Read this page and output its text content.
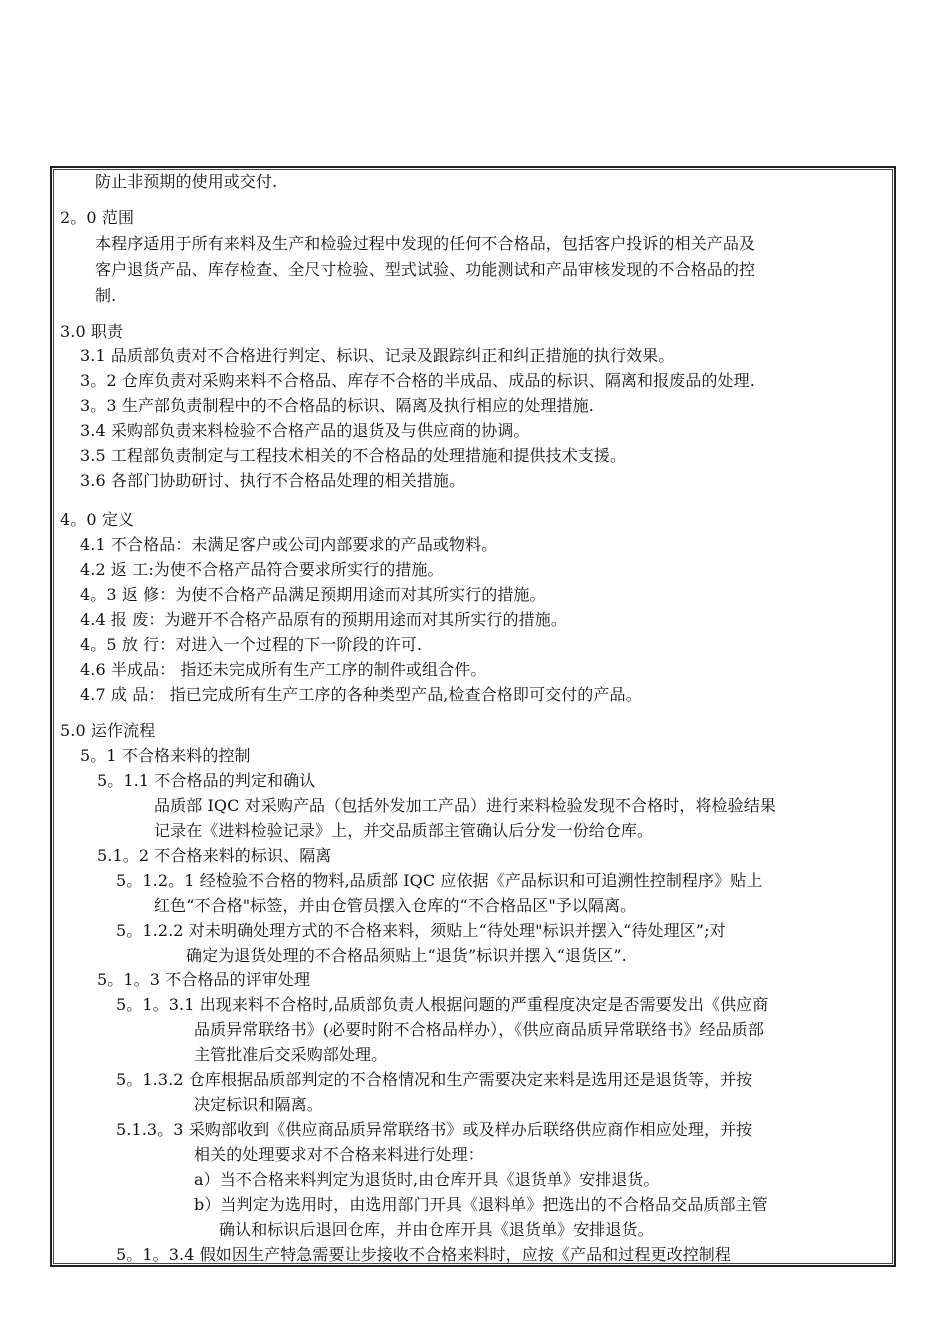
防止非预期的使用或交付.
2。0 范围
本程序适用于所有来料及生产和检验过程中发现的任何不合格品，包括客户投诉的相关产品及
客户退货产品、库存检查、全尺寸检验、型式试验、功能测试和产品审核发现的不合格品的控
制.
3.0 职责
3.1 品质部负责对不合格进行判定、标识、记录及跟踪纠正和纠正措施的执行效果。
3。2 仓库负责对采购来料不合格品、库存不合格的半成品、成品的标识、隔离和报废品的处理.
3。3 生产部负责制程中的不合格品的标识、隔离及执行相应的处理措施.
3.4 采购部负责来料检验不合格产品的退货及与供应商的协调。
3.5 工程部负责制定与工程技术相关的不合格品的处理措施和提供技术支援。
3.6 各部门协助研讨、执行不合格品处理的相关措施。
4。0 定义
4.1 不合格品：未满足客户或公司内部要求的产品或物料。
4.2 返 工:为使不合格产品符合要求所实行的措施。
4。3 返 修：为使不合格产品满足预期用途而对其所实行的措施。
4.4 报 废：为避开不合格产品原有的预期用途而对其所实行的措施。
4。5 放 行：对进入一个过程的下一阶段的许可.
4.6 半成品： 指还未完成所有生产工序的制件或组合件。
4.7 成 品： 指已完成所有生产工序的各种类型产品,检查合格即可交付的产品。
5.0 运作流程
5。1 不合格来料的控制
5。1.1 不合格品的判定和确认
品质部 IQC 对采购产品（包括外发加工产品）进行来料检验发现不合格时，将检验结果
记录在《进料检验记录》上，并交品质部主管确认后分发一份给仓库。
5.1。2 不合格来料的标识、隔离
5。1.2。1 经检验不合格的物料,品质部 IQC 应依据《产品标识和可追溯性控制程序》贴上
红色“不合格"标签，并由仓管员摆入仓库的“不合格品区"予以隔离。
5。1.2.2 对未明确处理方式的不合格来料，须贴上“待处理"标识并摆入“待处理区”;对
确定为退货处理的不合格品须贴上“退货”标识并摆入“退货区”.
5。1。3 不合格品的评审处理
5。1。3.1 出现来料不合格时,品质部负责人根据问题的严重程度决定是否需要发出《供应商
品质异常联络书》(必要时附不合格品样办），《供应商品质异常联络书》经品质部
主管批准后交采购部处理。
5。1.3.2 仓库根据品质部判定的不合格情况和生产需要决定来料是选用还是退货等，并按
决定标识和隔离。
5.1.3。3 采购部收到《供应商品质异常联络书》或及样办后联络供应商作相应处理，并按
相关的处理要求对不合格来料进行处理：
a）当不合格来料判定为退货时,由仓库开具《退货单》安排退货。
b）当判定为选用时，由选用部门开具《退料单》把选出的不合格品交品质部主管
确认和标识后退回仓库，并由仓库开具《退货单》安排退货。
5。1。3.4 假如因生产特急需要让步接收不合格来料时，应按《产品和过程更改控制程
